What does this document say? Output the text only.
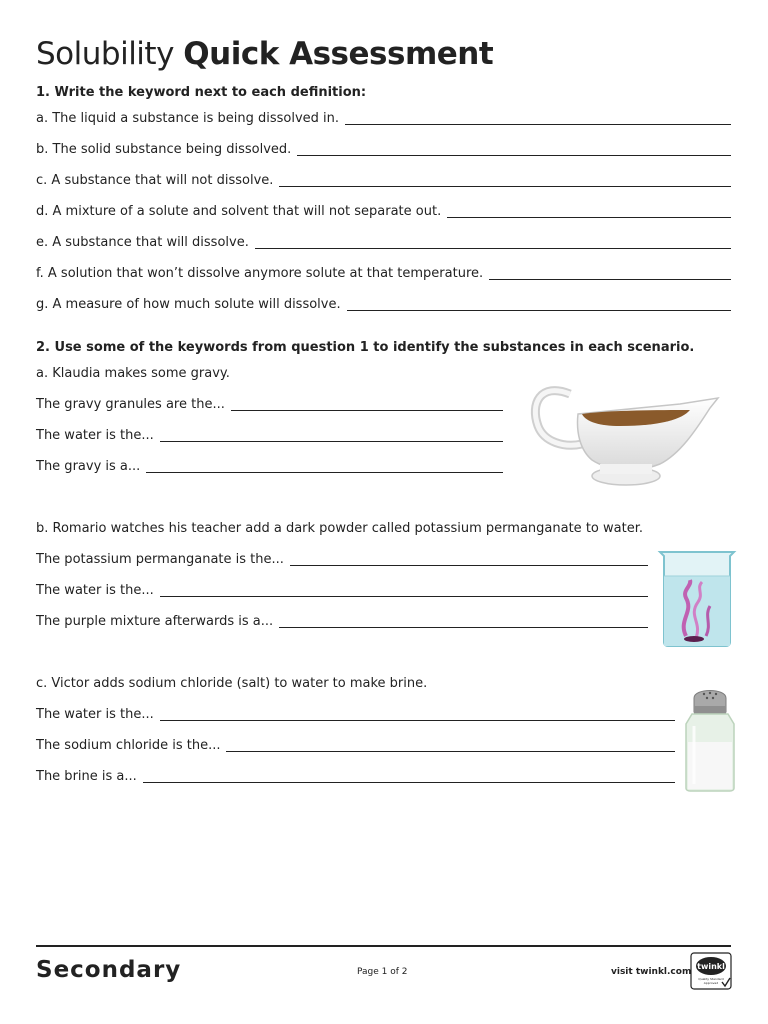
Solubility Quick Assessment
1. Write the keyword next to each definition:
a. The liquid a substance is being dissolved in.
b. The solid substance being dissolved.
c. A substance that will not dissolve.
d. A mixture of a solute and solvent that will not separate out.
e. A substance that will dissolve.
f. A solution that won’t dissolve anymore solute at that temperature.
g. A measure of how much solute will dissolve.
2. Use some of the keywords from question 1 to identify the substances in each scenario.
a. Klaudia makes some gravy.
The gravy granules are the...
The water is the...
The gravy is a...
b. Romario watches his teacher add a dark powder called potassium permanganate to water.
The potassium permanganate is the...
The water is the...
The purple mixture afterwards is a...
c. Victor adds sodium chloride (salt) to water to make brine.
The water is the...
The sodium chloride is the...
The brine is a...
Secondary	Page 1 of 2	visit twinkl.com
twinkl
Quality Standard
Approved
